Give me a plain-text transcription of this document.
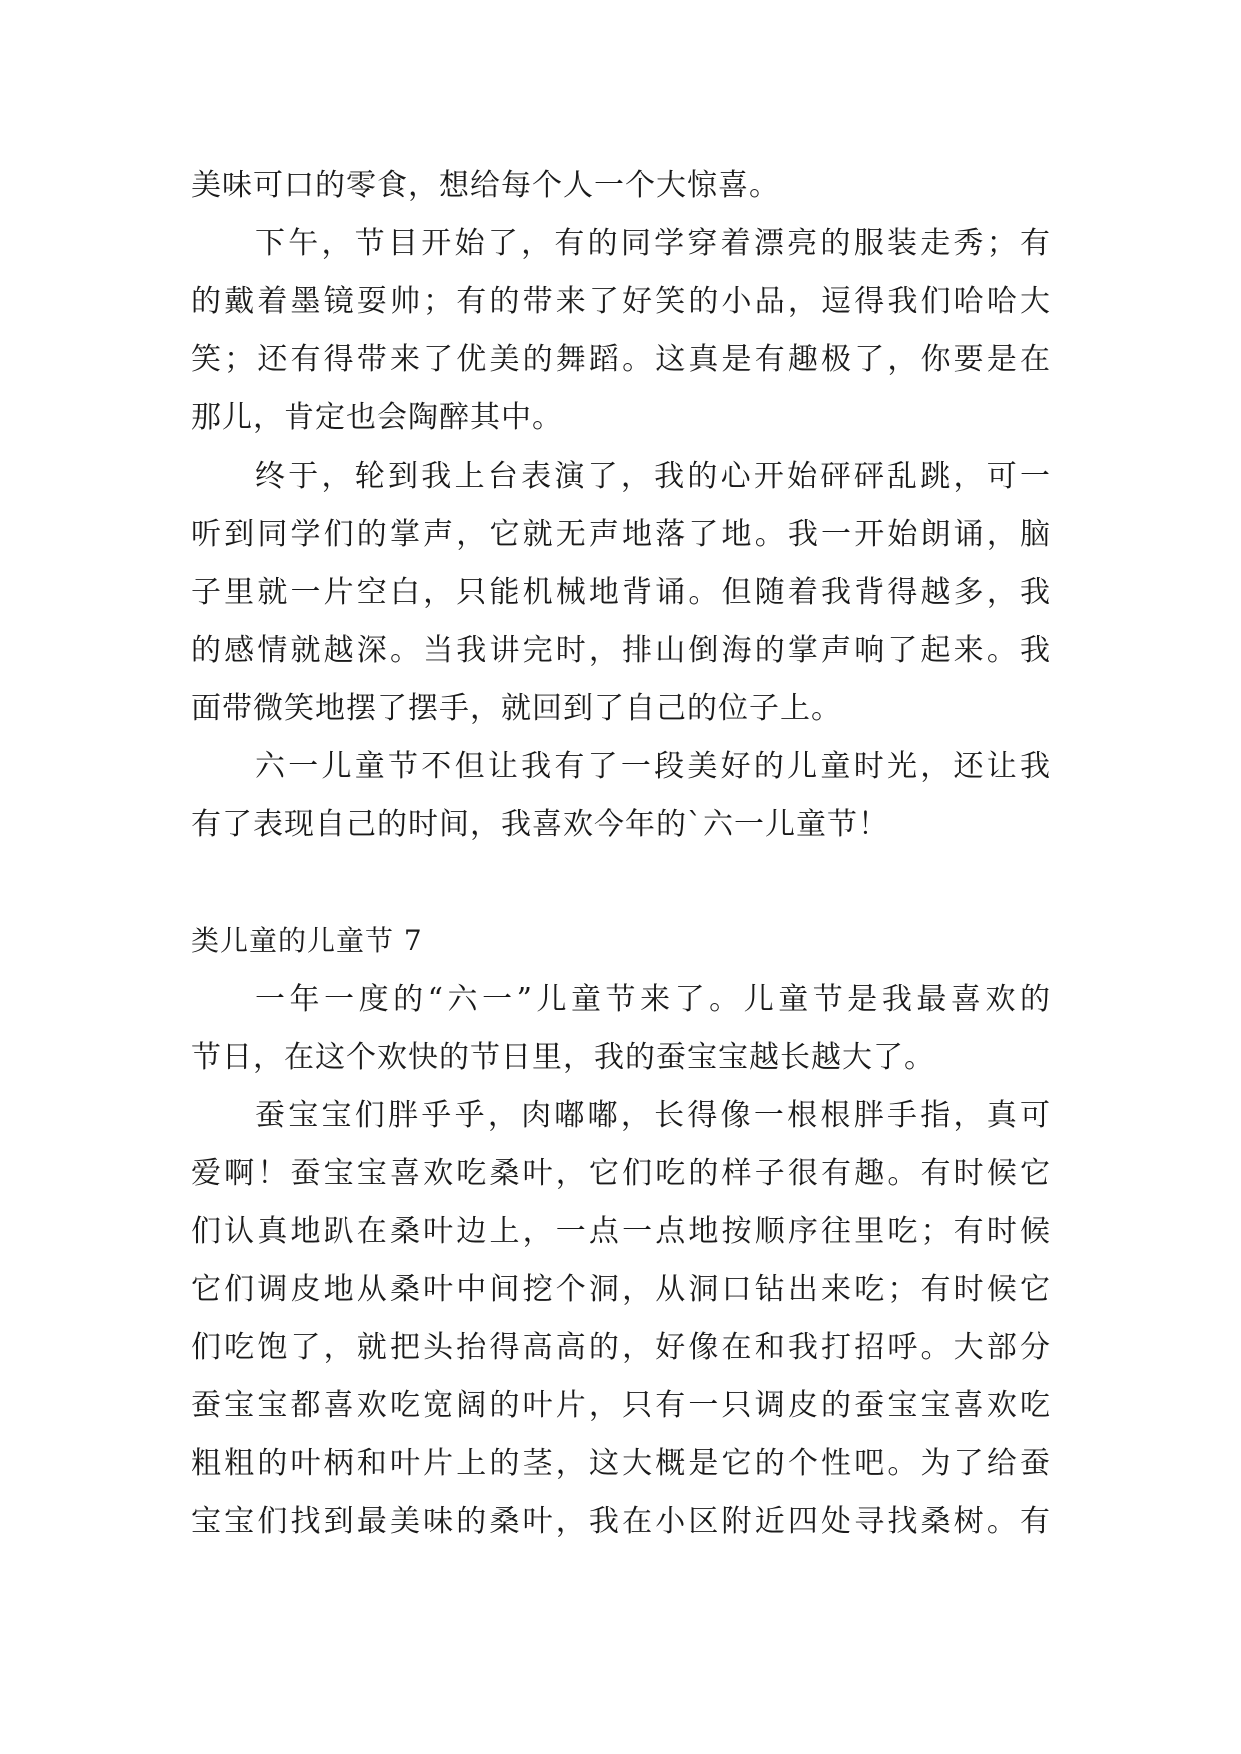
美味可口的零食，想给每个人一个大惊喜。
下午，节目开始了，有的同学穿着漂亮的服装走秀；有
的戴着墨镜耍帅；有的带来了好笑的小品，逗得我们哈哈大
笑；还有得带来了优美的舞蹈。这真是有趣极了，你要是在
那儿，肯定也会陶醉其中。
终于，轮到我上台表演了，我的心开始砰砰乱跳，可一
听到同学们的掌声，它就无声地落了地。我一开始朗诵，脑
子里就一片空白，只能机械地背诵。但随着我背得越多，我
的感情就越深。当我讲完时，排山倒海的掌声响了起来。我
面带微笑地摆了摆手，就回到了自己的位子上。
六一儿童节不但让我有了一段美好的儿童时光，还让我
有了表现自己的时间，我喜欢今年的`六一儿童节！
类儿童的儿童节 7
一年一度的“六一”儿童节来了。儿童节是我最喜欢的
节日，在这个欢快的节日里，我的蚕宝宝越长越大了。
蚕宝宝们胖乎乎，肉嘟嘟，长得像一根根胖手指，真可
爱啊！蚕宝宝喜欢吃桑叶，它们吃的样子很有趣。有时候它
们认真地趴在桑叶边上，一点一点地按顺序往里吃；有时候
它们调皮地从桑叶中间挖个洞，从洞口钻出来吃；有时候它
们吃饱了，就把头抬得高高的，好像在和我打招呼。大部分
蚕宝宝都喜欢吃宽阔的叶片，只有一只调皮的蚕宝宝喜欢吃
粗粗的叶柄和叶片上的茎，这大概是它的个性吧。为了给蚕
宝宝们找到最美味的桑叶，我在小区附近四处寻找桑树。有
